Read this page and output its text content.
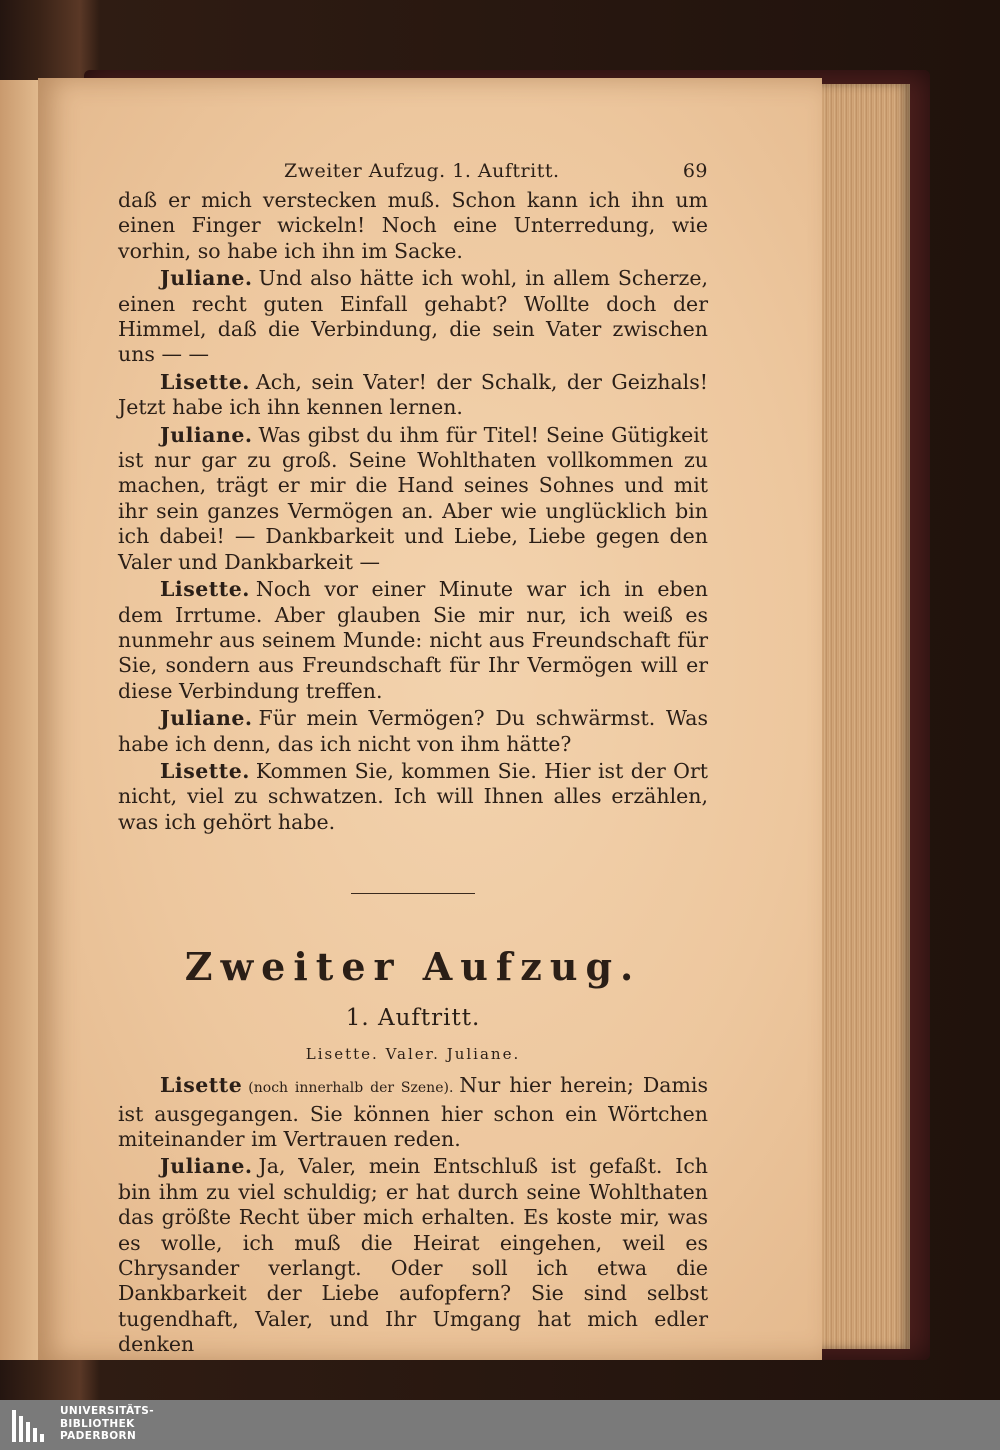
Zweiter Aufzug. 1. Auftritt.	69

daß er mich verstecken muß. Schon kann ich ihn um einen Finger wickeln! Noch eine Unterredung, wie vorhin, so habe ich ihn im Sacke.

Juliane. Und also hätte ich wohl, in allem Scherze, einen recht guten Einfall gehabt? Wollte doch der Himmel, daß die Verbindung, die sein Vater zwischen uns — —

Lisette. Ach, sein Vater! der Schalk, der Geizhals! Jetzt habe ich ihn kennen lernen.

Juliane. Was gibst du ihm für Titel! Seine Gütigkeit ist nur gar zu groß. Seine Wohlthaten vollkommen zu machen, trägt er mir die Hand seines Sohnes und mit ihr sein ganzes Vermögen an. Aber wie unglücklich bin ich dabei! — Dankbarkeit und Liebe, Liebe gegen den Valer und Dankbarkeit —

Lisette. Noch vor einer Minute war ich in eben dem Irrtume. Aber glauben Sie mir nur, ich weiß es nunmehr aus seinem Munde: nicht aus Freundschaft für Sie, sondern aus Freundschaft für Ihr Vermögen will er diese Verbindung treffen.

Juliane. Für mein Vermögen? Du schwärmst. Was habe ich denn, das ich nicht von ihm hätte?

Lisette. Kommen Sie, kommen Sie. Hier ist der Ort nicht, viel zu schwatzen. Ich will Ihnen alles erzählen, was ich gehört habe.

Zweiter Aufzug.
1. Auftritt.
Lisette. Valer. Juliane.

Lisette (noch innerhalb der Szene). Nur hier herein; Damis ist ausgegangen. Sie können hier schon ein Wörtchen miteinander im Vertrauen reden.

Juliane. Ja, Valer, mein Entschluß ist gefaßt. Ich bin ihm zu viel schuldig; er hat durch seine Wohlthaten das größte Recht über mich erhalten. Es koste mir, was es wolle, ich muß die Heirat eingehen, weil es Chrysander verlangt. Oder soll ich etwa die Dankbarkeit der Liebe aufopfern? Sie sind selbst tugendhaft, Valer, und Ihr Umgang hat mich edler denken

UNIVERSITÄTS-
BIBLIOTHEK
PADERBORN
